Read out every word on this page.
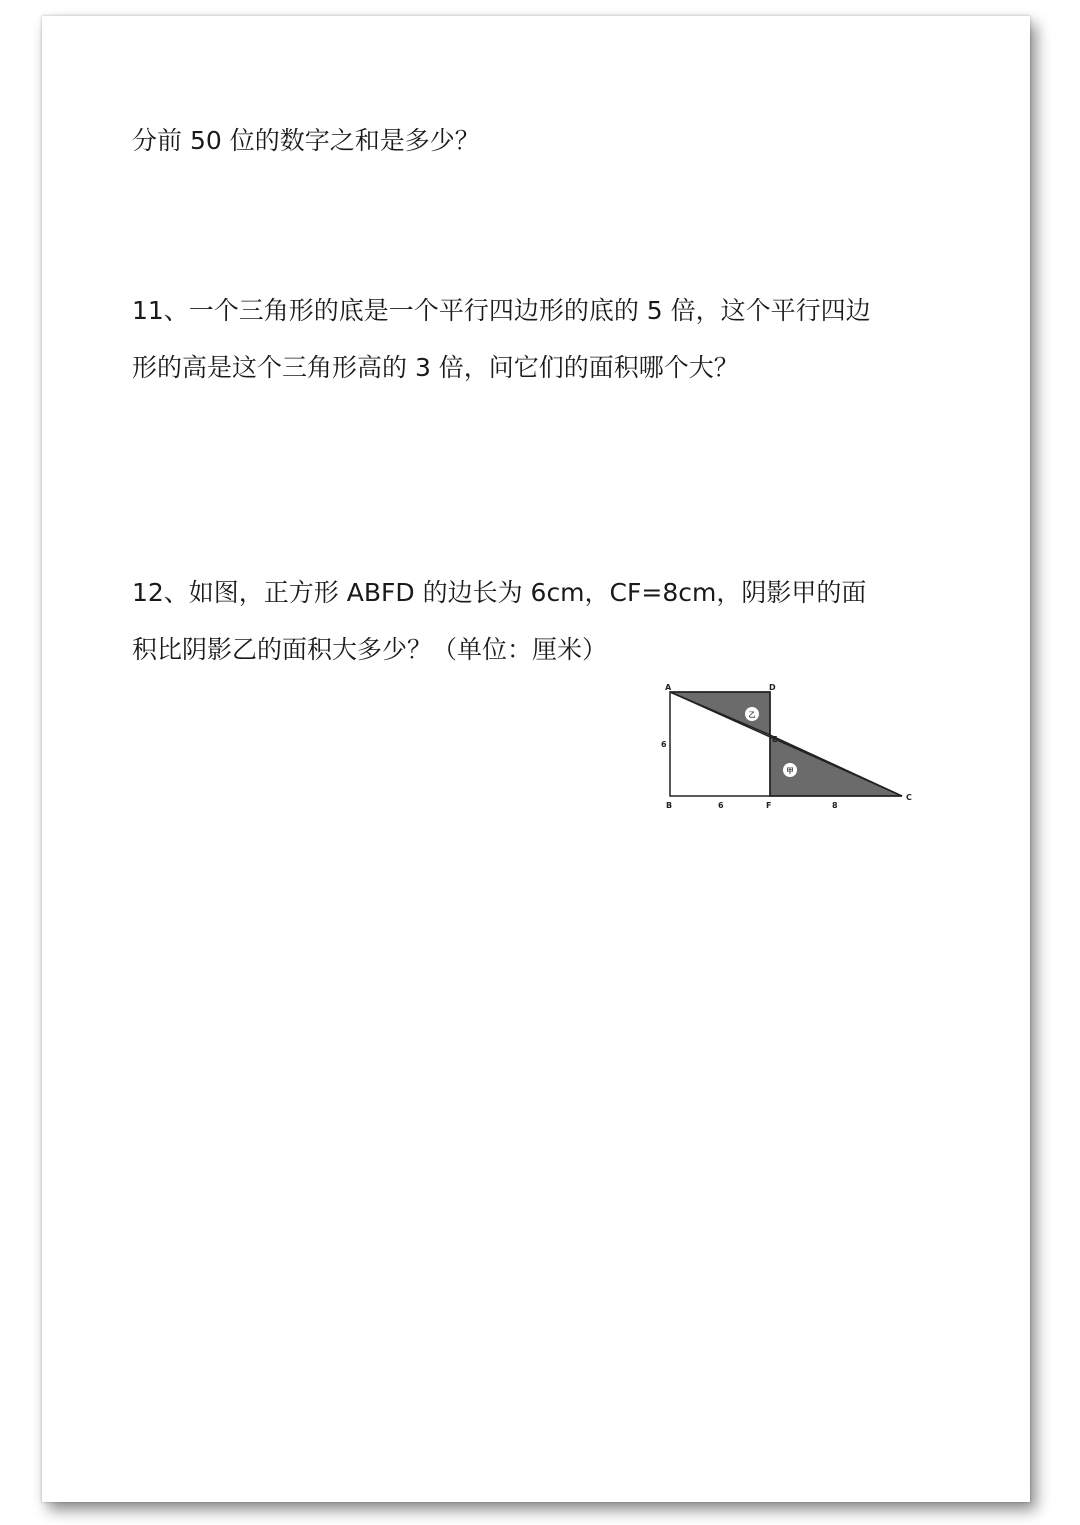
分前 50 位的数字之和是多少？
11、一个三角形的底是一个平行四边形的底的 5 倍，这个平行四边
形的高是这个三角形高的 3 倍，问它们的面积哪个大？
12、如图，正方形 ABFD 的边长为 6cm，CF=8cm，阴影甲的面
积比阴影乙的面积大多少？（单位：厘米）
乙
甲
A	D
E
B	F
C
6
6	8
